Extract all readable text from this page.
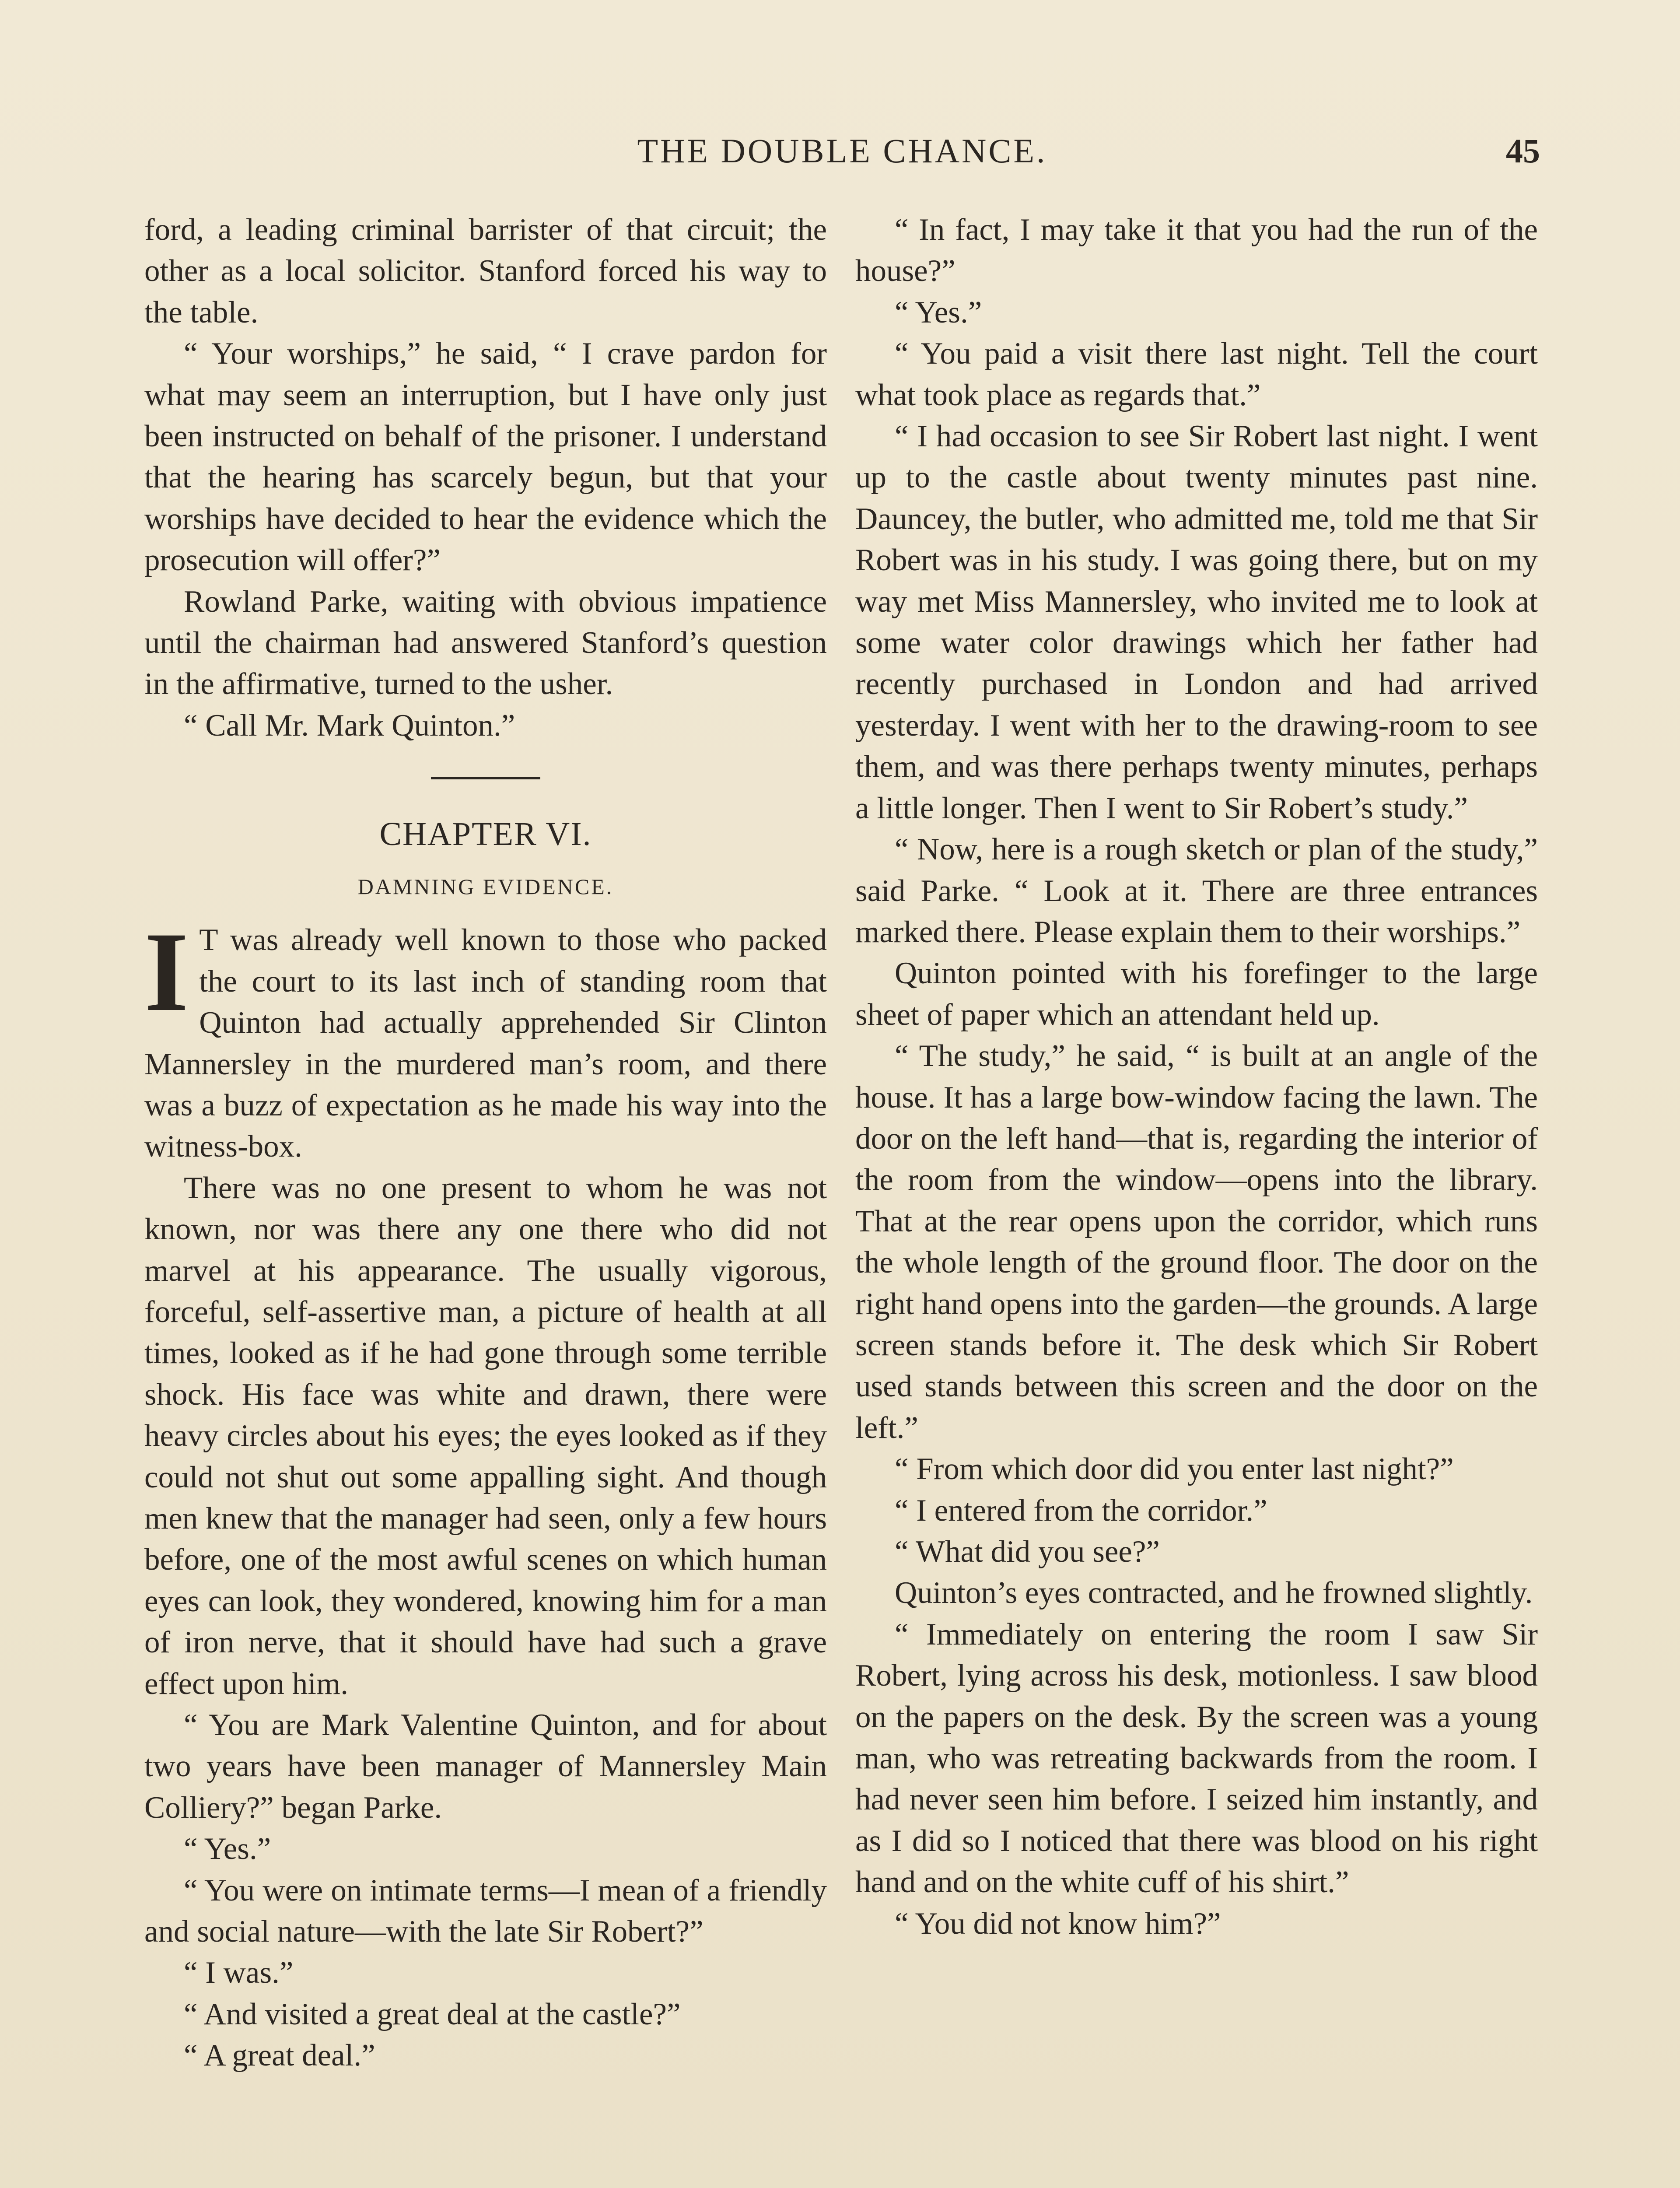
THE DOUBLE CHANCE.	45

ford, a leading criminal barrister of that circuit; the other as a local solicitor. Stanford forced his way to the table.

“ Your worships,” he said, “ I crave pardon for what may seem an interruption, but I have only just been instructed on behalf of the prisoner. I understand that the hearing has scarcely begun, but that your worships have decided to hear the evidence which the prosecution will offer?”

Rowland Parke, waiting with obvious impatience until the chairman had answered Stanford’s question in the affirmative, turned to the usher.

“ Call Mr. Mark Quinton.”

CHAPTER VI.
DAMNING EVIDENCE.

I T was already well known to those who packed the court to its last inch of standing room that Quinton had actually apprehended Sir Clinton Mannersley in the murdered man’s room, and there was a buzz of expectation as he made his way into the witness-box.

There was no one present to whom he was not known, nor was there any one there who did not marvel at his appearance. The usually vigorous, forceful, self-assertive man, a picture of health at all times, looked as if he had gone through some terrible shock. His face was white and drawn, there were heavy circles about his eyes; the eyes looked as if they could not shut out some appalling sight. And though men knew that the manager had seen, only a few hours before, one of the most awful scenes on which human eyes can look, they wondered, knowing him for a man of iron nerve, that it should have had such a grave effect upon him.

“ You are Mark Valentine Quinton, and for about two years have been manager of Mannersley Main Colliery?” began Parke.

“ Yes.”

“ You were on intimate terms—I mean of a friendly and social nature—with the late Sir Robert?”

“ I was.”

“ And visited a great deal at the castle?”

“ A great deal.”

“ In fact, I may take it that you had the run of the house?”

“ Yes.”

“ You paid a visit there last night. Tell the court what took place as regards that.”

“ I had occasion to see Sir Robert last night. I went up to the castle about twenty minutes past nine. Dauncey, the butler, who admitted me, told me that Sir Robert was in his study. I was going there, but on my way met Miss Mannersley, who invited me to look at some water color drawings which her father had recently purchased in London and had arrived yesterday. I went with her to the drawing-room to see them, and was there perhaps twenty minutes, perhaps a little longer. Then I went to Sir Robert’s study.”

“ Now, here is a rough sketch or plan of the study,” said Parke. “ Look at it. There are three entrances marked there. Please explain them to their worships.”

Quinton pointed with his forefinger to the large sheet of paper which an attendant held up.

“ The study,” he said, “ is built at an angle of the house. It has a large bow-window facing the lawn. The door on the left hand—that is, regarding the interior of the room from the window—opens into the library. That at the rear opens upon the corridor, which runs the whole length of the ground floor. The door on the right hand opens into the garden—the grounds. A large screen stands before it. The desk which Sir Robert used stands between this screen and the door on the left.”

“ From which door did you enter last night?”

“ I entered from the corridor.”

“ What did you see?”

Quinton’s eyes contracted, and he frowned slightly.

“ Immediately on entering the room I saw Sir Robert, lying across his desk, motionless. I saw blood on the papers on the desk. By the screen was a young man, who was retreating backwards from the room. I had never seen him before. I seized him instantly, and as I did so I noticed that there was blood on his right hand and on the white cuff of his shirt.”

“ You did not know him?”
